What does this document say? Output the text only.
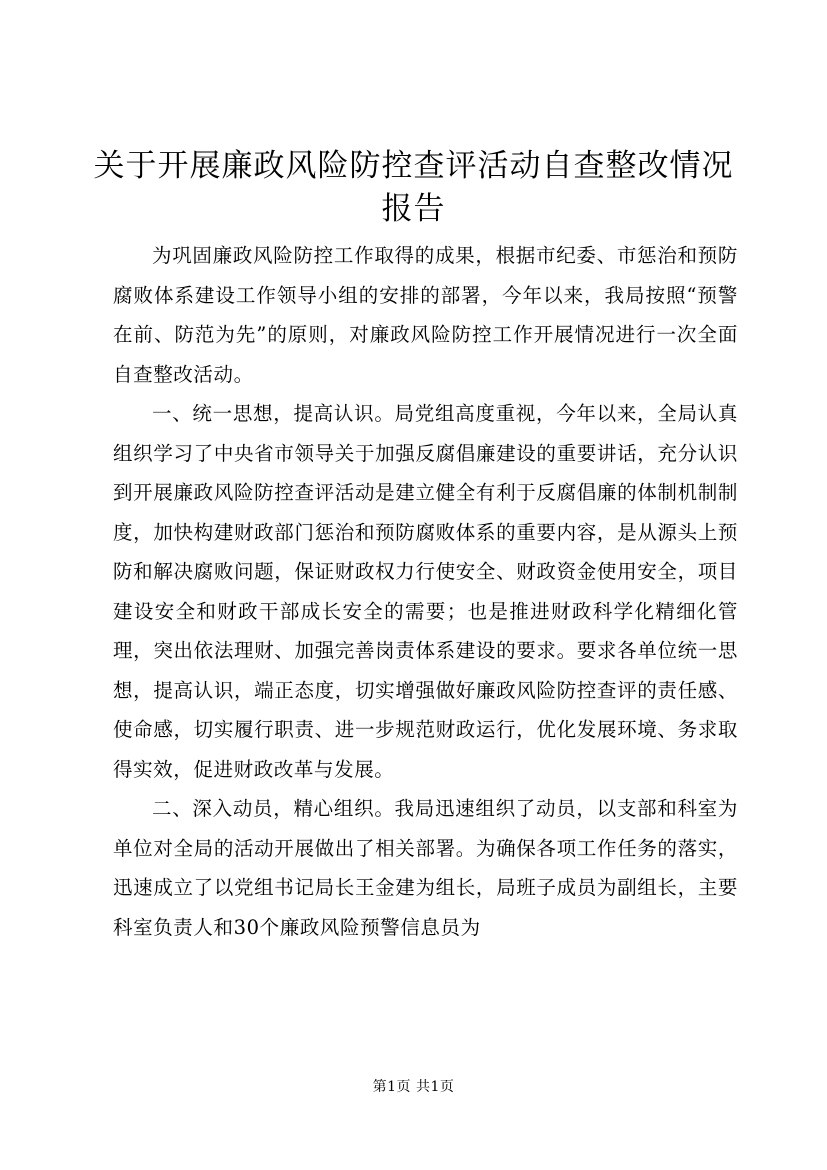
关于开展廉政风险防控查评活动自查整改情况
报告

为巩固廉政风险防控工作取得的成果，根据市纪委、市惩治和预防腐败体系建设工作领导小组的安排的部署，今年以来，我局按照“预警在前、防范为先”的原则，对廉政风险防控工作开展情况进行一次全面自查整改活动。

一、统一思想，提高认识。局党组高度重视，今年以来，全局认真组织学习了中央省市领导关于加强反腐倡廉建设的重要讲话，充分认识到开展廉政风险防控查评活动是建立健全有利于反腐倡廉的体制机制制度，加快构建财政部门惩治和预防腐败体系的重要内容，是从源头上预防和解决腐败问题，保证财政权力行使安全、财政资金使用安全，项目建设安全和财政干部成长安全的需要；也是推进财政科学化精细化管理，突出依法理财、加强完善岗责体系建设的要求。要求各单位统一思想，提高认识，端正态度，切实增强做好廉政风险防控查评的责任感、使命感，切实履行职责、进一步规范财政运行，优化发展环境、务求取得实效，促进财政改革与发展。

二、深入动员，精心组织。我局迅速组织了动员，以支部和科室为单位对全局的活动开展做出了相关部署。为确保各项工作任务的落实，迅速成立了以党组书记局长王金建为组长，局班子成员为副组长，主要科室负责人和30个廉政风险预警信息员为

第1页 共1页
